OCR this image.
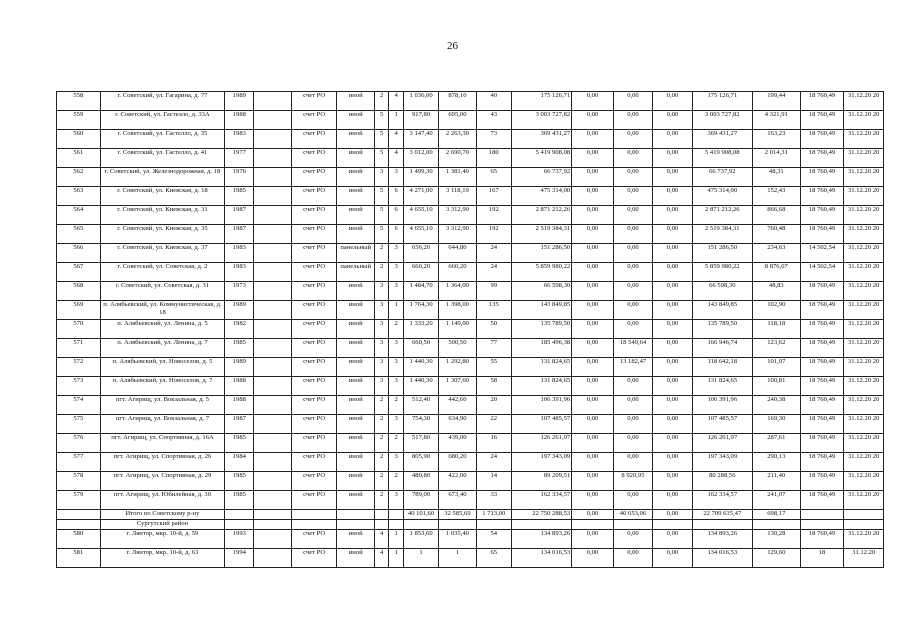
26
558	г. Советский, ул. Гагарина, д. 77	1989		счет РО	иной	2	4	1 036,00	878,10	40	175 126,71	0,00	0,00	0,00	175 126,71	199,44	18 760,49	31.12.20 20
559	г. Советский, ул. Гастелло, д. 33А	1988		счет РО	иной	5	1	917,80	695,00	43	3 003 727,82	0,00	0,00	0,00	3 003 727,82	4 321,91	18 760,49	31.12.20 20
560	г. Советский, ул. Гастелло, д. 35	1983		счет РО	иной	5	4	3 147,40	2 263,30	73	369 431,27	0,00	0,00	0,00	369 431,27	163,23	18 760,49	31.12.20 20
561	г. Советский, ул. Гастелло, д. 41	1977		счет РО	иной	5	4	3 012,00	2 690,70	180	5 419 908,08	0,00	0,00	0,00	5 419 908,08	2 014,31	18 760,49	31.12.20 20
562	г. Советский, ул. Железнодорожная, д. 18	1976		счет РО	иной	3	3	1 499,30	1 381,40	65	66 737,92	0,00	0,00	0,00	66 737,92	48,31	18 760,49	31.12.20 20
563	г. Советский, ул. Киевская, д. 18	1985		счет РО	иной	5	6	4 271,00	3 118,19	167	475 314,00	0,00	0,00	0,00	475 314,00	152,43	18 760,49	31.12.20 20
564	г. Советский, ул. Киевская, д. 31	1987		счет РО	иной	5	6	4 655,10	3 312,90	192	2 871 212,26	0,00	0,00	0,00	2 871 212,26	866,68	18 760,49	31.12.20 20
565	г. Советский, ул. Киевская, д. 35	1987		счет РО	иной	5	6	4 655,10	3 312,90	192	2 519 384,31	0,00	0,00	0,00	2 519 384,31	760,48	18 760,49	31.12.20 20
566	г. Советский, ул. Киевская, д. 37	1983		счет РО	панельный	2	3	656,20	644,80	24	151 286,50	0,00	0,00	0,00	151 286,50	234,63	14 502,54	31.12.20 20
567	г. Советский, ул. Советская, д. 2	1983		счет РО	панельный	2	3	660,20	660,20	24	5 859 980,22	0,00	0,00	0,00	5 859 980,22	8 876,07	14 502,54	31.12.20 20
568	г. Советский, ул. Советская, д. 31	1973		счет РО	иной	3	3	1 484,70	1 364,00	99	66 598,30	0,00	0,00	0,00	66 598,30	48,83	18 760,49	31.12.20 20
569	п. Алябьевский, ул. Коммунистическая, д. 18	1989		счет РО	иной	3	1	1 764,30	1 398,00	135	143 849,85	0,00	0,00	0,00	143 849,85	102,90	18 760,49	31.12.20 20
570	п. Алябьевский, ул. Ленина, д. 5	1982		счет РО	иной	3	2	1 333,20	1 149,00	50	135 789,50	0,00	0,00	0,00	135 789,50	118,18	18 760,49	31.12.20 20
571	п. Алябьевский, ул. Ленина, д. 7	1985		счет РО	иной	3	3	660,50	500,50	77	185 496,38	0,00	18 549,64	0,00	166 946,74	123,62	18 760,49	31.12.20 20
572	п. Алябьевский, ул. Новоселов, д. 5	1989		счет РО	иной	3	3	1 440,30	1 292,80	55	131 824,65	0,00	13 182,47	0,00	118 642,18	101,97	18 760,49	31.12.20 20
573	п. Алябьевский, ул. Новоселов, д. 7	1988		счет РО	иной	3	3	1 440,30	1 307,60	58	131 824,65	0,00	0,00	0,00	131 824,65	100,81	18 760,49	31.12.20 20
574	пгт. Агирищ, ул. Вокзальная, д. 5	1988		счет РО	иной	2	2	512,40	442,60	20	106 391,96	0,00	0,00	0,00	106 391,96	240,38	18 760,49	31.12.20 20
575	пгт. Агирищ, ул. Вокзальная, д. 7	1987		счет РО	иной	2	3	754,30	634,90	22	107 485,57	0,00	0,00	0,00	107 485,57	169,30	18 760,49	31.12.20 20
576	пгт. Агирищ, ул. Спортивная, д. 16А	1985		счет РО	иной	2	2	517,80	439,00	16	126 261,97	0,00	0,00	0,00	126 261,97	287,61	18 760,49	31.12.20 20
577	пгт. Агирищ, ул. Спортивная, д. 26	1984		счет РО	иной	2	3	805,90	680,20	24	197 343,09	0,00	0,00	0,00	197 343,09	290,13	18 760,49	31.12.20 20
578	пгт. Агирищ, ул. Спортивная, д. 29	1985		счет РО	иной	2	2	480,80	422,00	14	89 209,51	0,00	8 920,95	0,00	80 288,56	211,40	18 760,49	31.12.20 20
579	пгт. Агирищ, ул. Юбилейная, д. 30	1985		счет РО	иной	2	3	789,00	673,40	33	162 334,57	0,00	0,00	0,00	162 334,57	241,07	18 760,49	31.12.20 20
	Итого по Советскому р-ну							40 101,60	32 585,69	1 713,00	22 750 288,53	0,00	40 653,06	0,00	22 709 635,47	698,17		
	Сургутский район																	
580	г. Лянтор, мкр. 10-й, д. 59	1993		счет РО	иной	4	1	1 853,60	1 035,40	54	134 893,26	0,00	0,00	0,00	134 893,26	130,28	18 760,49	31.12.20 20
581	г. Лянтор, мкр. 10-й, д. 63	1994		счет РО	иной	4	1	1	1	65	134 016,53	0,00	0,00	0,00	134 016,53	129,60	18	31.12.20
